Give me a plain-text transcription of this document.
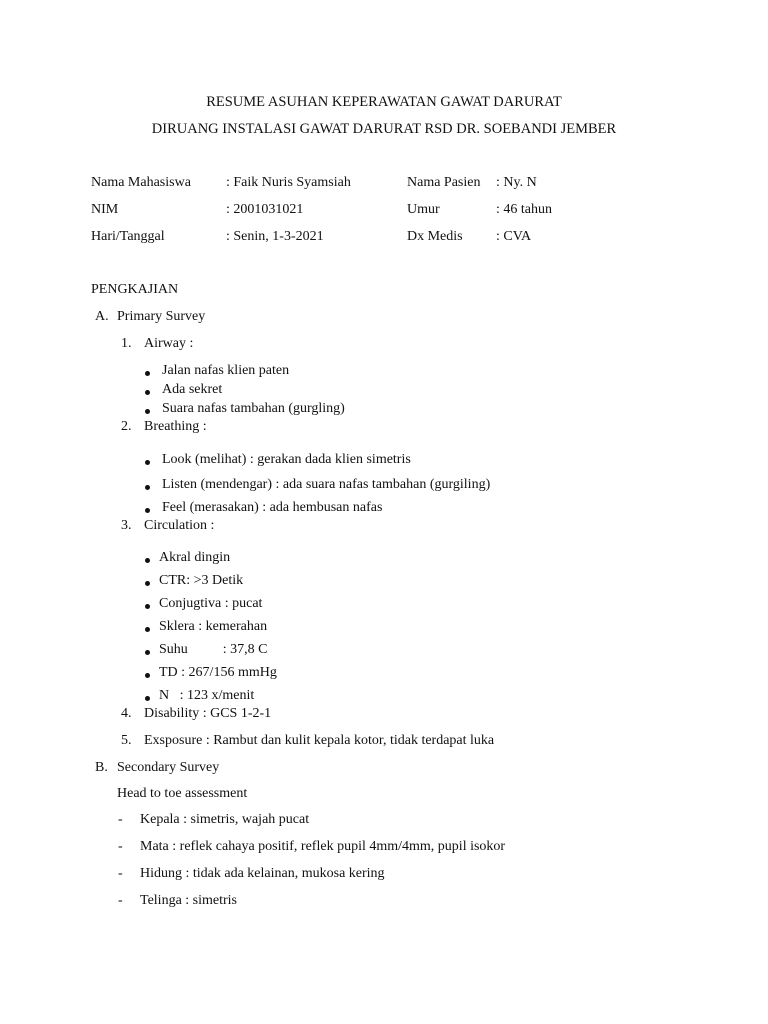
RESUME ASUHAN KEPERAWATAN GAWAT DARURAT
DIRUANG INSTALASI GAWAT DARURAT RSD DR. SOEBANDI JEMBER
Nama Mahasiswa	: Faik Nuris Syamsiah	Nama Pasien : Ny. N
NIM	: 2001031021	Umur	: 46 tahun
Hari/Tanggal	: Senin, 1-3-2021	Dx Medis : CVA
PENGKAJIAN
A. Primary Survey
1. Airway :
Jalan nafas klien paten
Ada sekret
Suara nafas tambahan (gurgling)
2. Breathing :
Look (melihat) : gerakan dada klien simetris
Listen (mendengar) : ada suara nafas tambahan (gurgiling)
Feel (merasakan) : ada hembusan nafas
3. Circulation :
Akral dingin
CTR: >3 Detik
Conjugtiva : pucat
Sklera : kemerahan
Suhu          : 37,8 C
TD : 267/156 mmHg
N   : 123 x/menit
4. Disability : GCS 1-2-1
5. Exsposure : Rambut dan kulit kepala kotor, tidak terdapat luka
B. Secondary Survey
Head to toe assessment
- Kepala : simetris, wajah pucat
- Mata : reflek cahaya positif, reflek pupil 4mm/4mm, pupil isokor
- Hidung : tidak ada kelainan, mukosa kering
- Telinga : simetris
